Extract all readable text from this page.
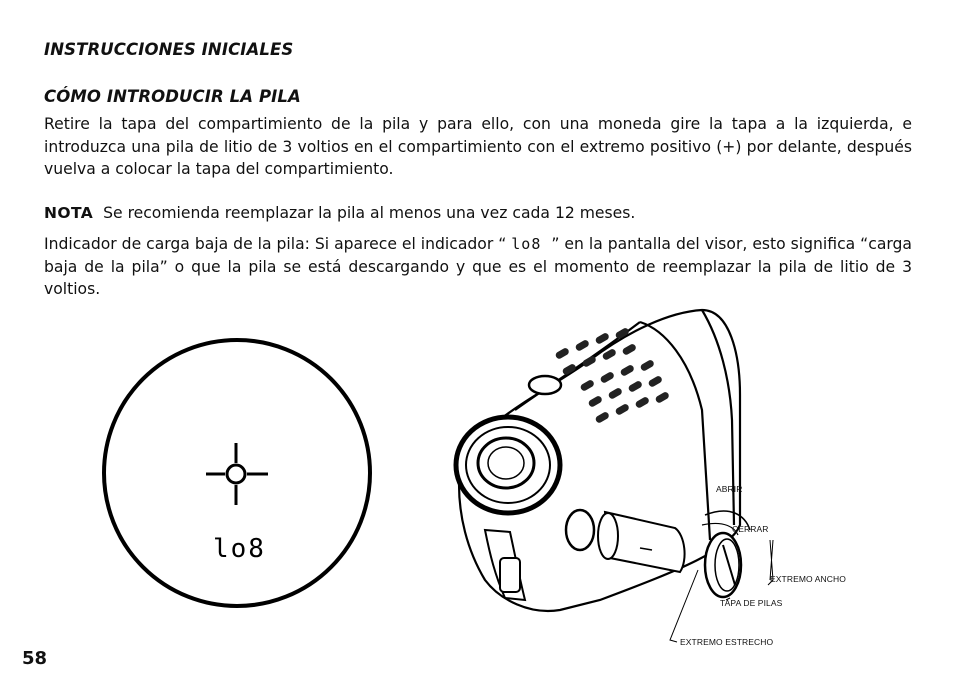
INSTRUCCIONES INICIALES
CÓMO INTRODUCIR LA PILA
Retire la tapa del compartimiento de la pila y para ello, con una moneda gire la tapa a la izquierda, e introduzca una pila de litio de 3 voltios en el compartimiento con el extremo positivo (+) por delante, después vuelva a colocar la tapa del compartimiento.
NOTA Se recomienda reemplazar la pila al menos una vez cada 12 meses.
Indicador de carga baja de la pila: Si aparece el indicador “ lo8 ” en la pantalla del visor, esto significa “carga baja de la pila” o que la pila se está descargando y que es el momento de reemplazar la pila de litio de 3 voltios.
lo8
ABRIR
CERRAR
EXTREMO ANCHO
TAPA DE PILAS
EXTREMO ESTRECHO
58
